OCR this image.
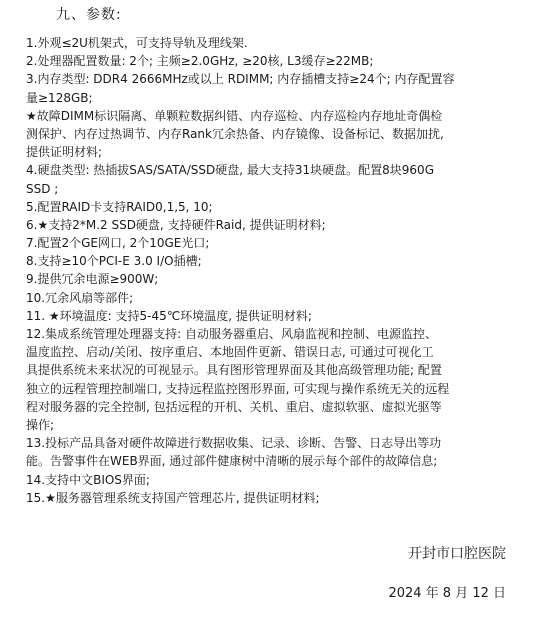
九、参数:
1.外观≤2U机架式，可支持导轨及理线架.
2.处理器配置数量: 2个; 主频≥2.0GHz, ≥20核, L3缓存≥22MB;
3.内存类型: DDR4 2666MHz或以上 RDIMM; 内存插槽支持≥24个; 内存配置容
量≥128GB;
★故障DIMM标识隔离、单颗粒数据纠错、内存巡检、内存巡检内存地址奇偶检
测保护、内存过热调节、内存Rank冗余热备、内存镜像、设备标记、数据加扰,
提供证明材料;
4.硬盘类型: 热插拔SAS/SATA/SSD硬盘, 最大支持31块硬盘。配置8块960G
SSD ;
5.配置RAID卡支持RAID0,1,5, 10;
6.★支持2*M.2 SSD硬盘, 支持硬件Raid, 提供证明材料;
7.配置2个GE网口, 2个10GE光口;
8.支持≥10个PCI-E 3.0 I/O插槽;
9.提供冗余电源≥900W;
10.冗余风扇等部件;
11. ★环境温度: 支持5-45℃环境温度, 提供证明材料;
12.集成系统管理处理器支持: 自动服务器重启、风扇监视和控制、电源监控、
温度监控、启动/关闭、按序重启、本地固件更新、错误日志, 可通过可视化工
具提供系统未来状况的可视显示。具有图形管理界面及其他高级管理功能; 配置
独立的远程管理控制端口, 支持远程监控图形界面, 可实现与操作系统无关的远程
程对服务器的完全控制, 包括远程的开机、关机、重启、虚拟软驱、虚拟光驱等
操作;
13.投标产品具备对硬件故障进行数据收集、记录、诊断、告警、日志导出等功
能。告警事件在WEB界面, 通过部件健康树中清晰的展示每个部件的故障信息;
14.支持中文BIOS界面;
15.★服务器管理系统支持国产管理芯片, 提供证明材料;
开封市口腔医院
2024 年 8 月 12 日
